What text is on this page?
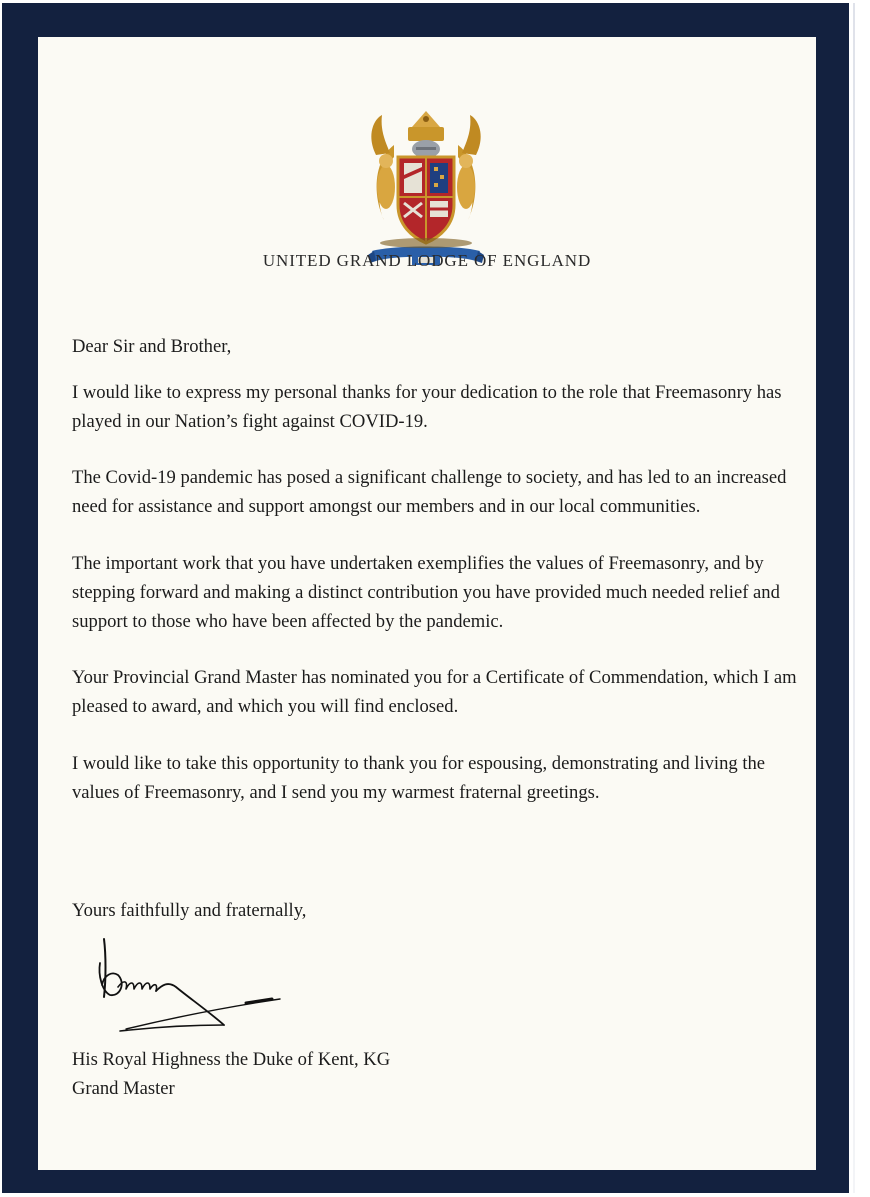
UNITED GRAND LODGE OF ENGLAND

Dear Sir and Brother,

I would like to express my personal thanks for your dedication to the role that Freemasonry has played in our Nation’s fight against COVID-19.

The Covid-19 pandemic has posed a significant challenge to society, and has led to an increased need for assistance and support amongst our members and in our local communities.

The important work that you have undertaken exemplifies the values of Freemasonry, and by stepping forward and making a distinct contribution you have provided much needed relief and support to those who have been affected by the pandemic.

Your Provincial Grand Master has nominated you for a Certificate of Commendation, which I am pleased to award, and which you will find enclosed.

I would like to take this opportunity to thank you for espousing, demonstrating and living the values of Freemasonry, and I send you my warmest fraternal greetings.

Yours faithfully and fraternally,
His Royal Highness the Duke of Kent, KG
Grand Master
